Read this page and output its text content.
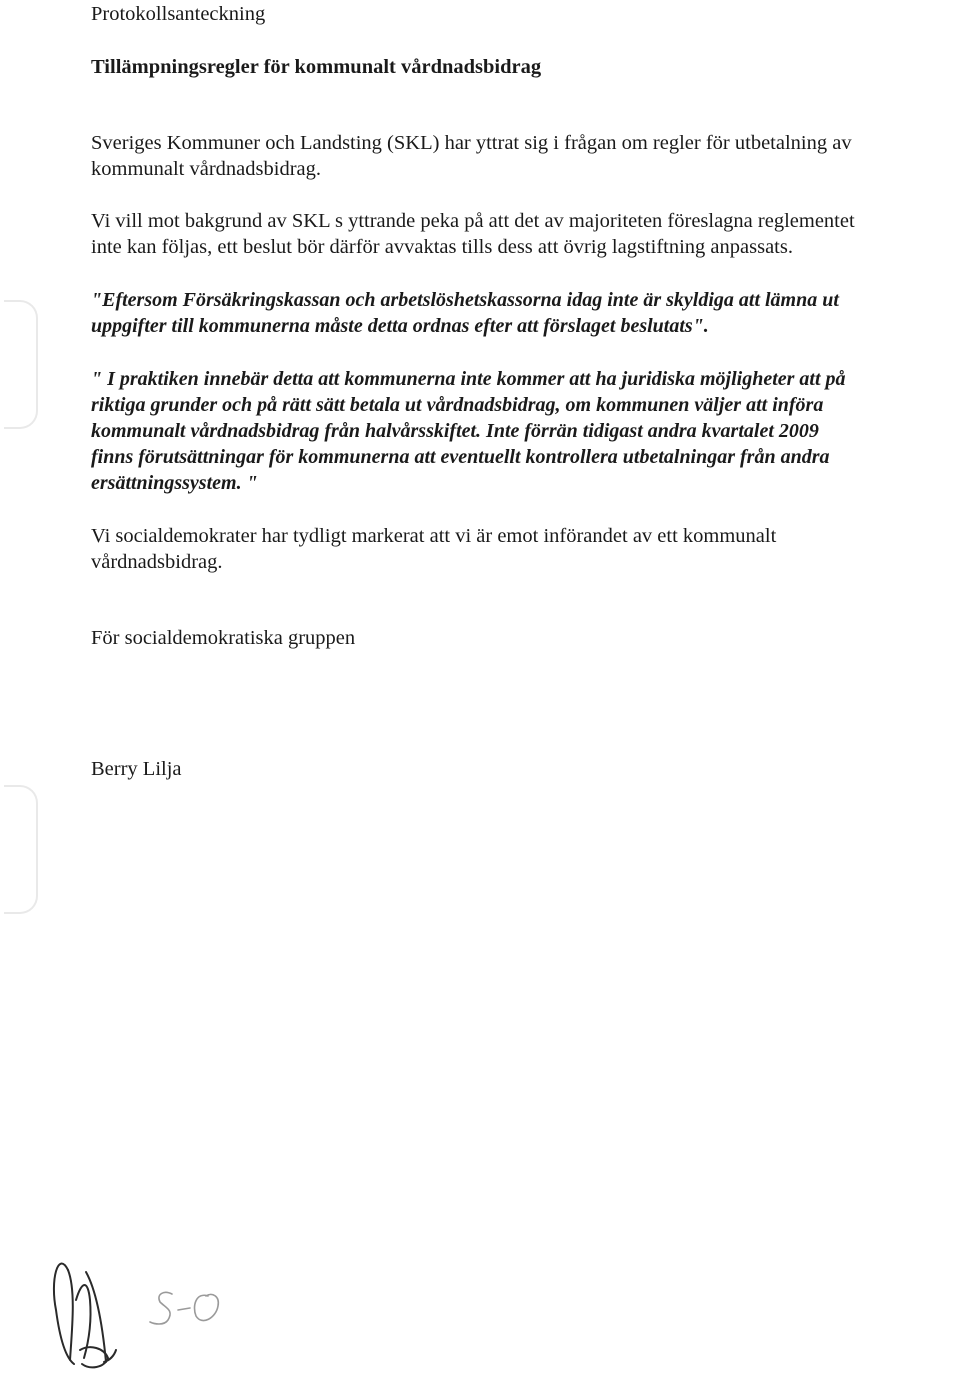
Protokollsanteckning

Tillämpningsregler för kommunalt vårdnadsbidrag

Sveriges Kommuner och Landsting (SKL) har yttrat sig i frågan om regler för utbetalning av
kommunalt vårdnadsbidrag.

Vi vill mot bakgrund av SKL s yttrande peka på att det av majoriteten föreslagna reglementet
inte kan följas, ett beslut bör därför avvaktas tills dess att övrig lagstiftning anpassats.

"Eftersom Försäkringskassan och arbetslöshetskassorna idag inte är skyldiga att lämna ut
uppgifter till kommunerna måste detta ordnas efter att förslaget beslutats".

" I praktiken innebär detta att kommunerna inte kommer att ha juridiska möjligheter att på
riktiga grunder och på rätt sätt betala ut vårdnadsbidrag, om kommunen väljer att införa
kommunalt vårdnadsbidrag från halvårsskiftet. Inte förrän tidigast andra kvartalet 2009
finns förutsättningar för kommunerna att eventuellt kontrollera utbetalningar från andra
ersättningssystem. "

Vi socialdemokrater har tydligt markerat att vi är emot införandet av ett kommunalt
vårdnadsbidrag.

För socialdemokratiska gruppen

Berry Lilja
